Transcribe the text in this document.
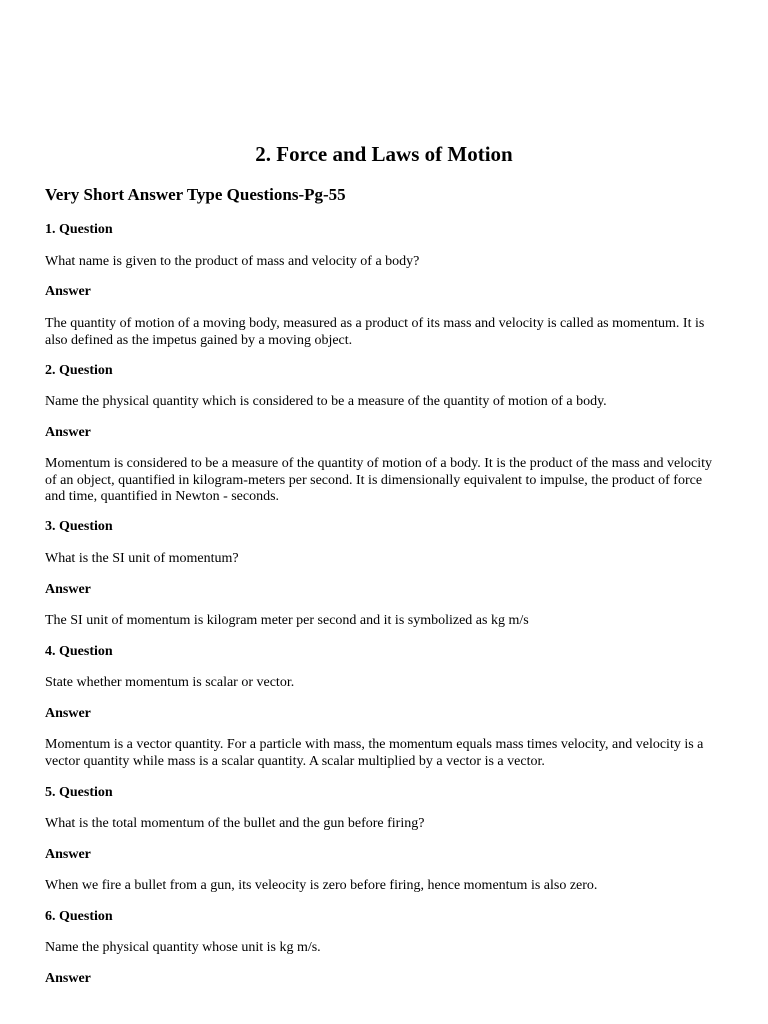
2. Force and Laws of Motion
Very Short Answer Type Questions-Pg-55
1. Question
What name is given to the product of mass and velocity of a body?
Answer
The quantity of motion of a moving body, measured as a product of its mass and velocity is called as momentum. It is also defined as the impetus gained by a moving object.
2. Question
Name the physical quantity which is considered to be a measure of the quantity of motion of a body.
Answer
Momentum is considered to be a measure of the quantity of motion of a body. It is the product of the mass and velocity of an object, quantified in kilogram-meters per second. It is dimensionally equivalent to impulse, the product of force and time, quantified in Newton - seconds.
3. Question
What is the SI unit of momentum?
Answer
The SI unit of momentum is kilogram meter per second and it is symbolized as kg m/s
4. Question
State whether momentum is scalar or vector.
Answer
Momentum is a vector quantity. For a particle with mass, the momentum equals mass times velocity, and velocity is a vector quantity while mass is a scalar quantity. A scalar multiplied by a vector is a vector.
5. Question
What is the total momentum of the bullet and the gun before firing?
Answer
When we fire a bullet from a gun, its veleocity is zero before firing, hence momentum is also zero.
6. Question
Name the physical quantity whose unit is kg m/s.
Answer
